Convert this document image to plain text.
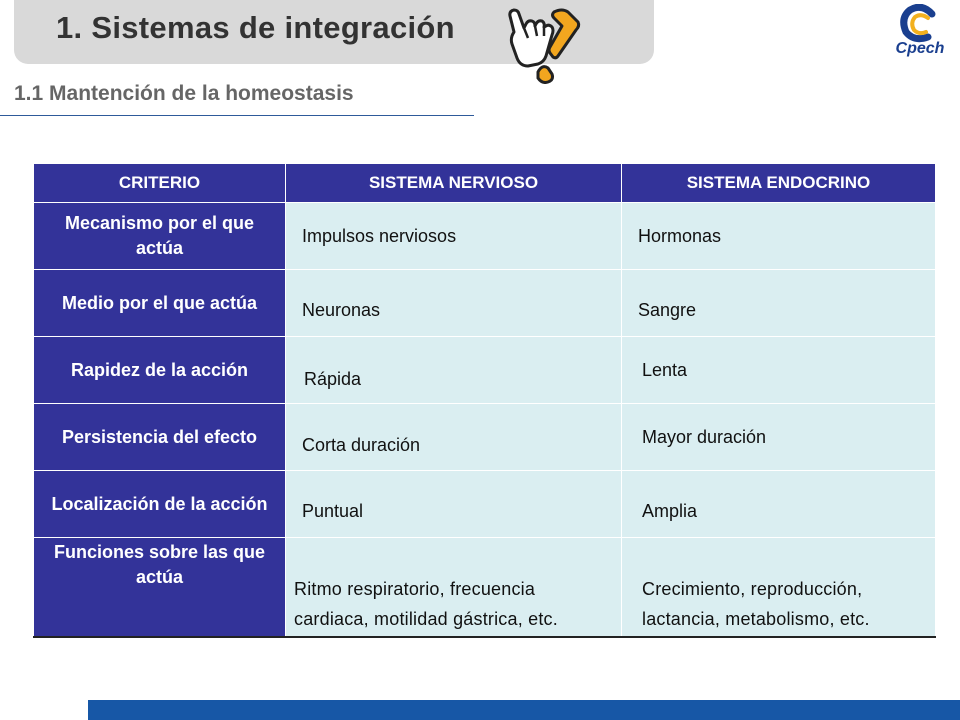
1. Sistemas de integración
Cpech
1.1 Mantención de la homeostasis
CRITERIO	SISTEMA NERVIOSO	SISTEMA ENDOCRINO
Mecanismo por el que actúa	Impulsos nerviosos	Hormonas
Medio por el que actúa	Neuronas	Sangre
Rapidez de la acción	Rápida	Lenta
Persistencia del efecto	Corta duración	Mayor duración
Localización de la acción	Puntual	Amplia
Funciones sobre las que actúa	Ritmo respiratorio, frecuencia cardiaca, motilidad gástrica, etc.	Crecimiento, reproducción, lactancia, metabolismo, etc.
